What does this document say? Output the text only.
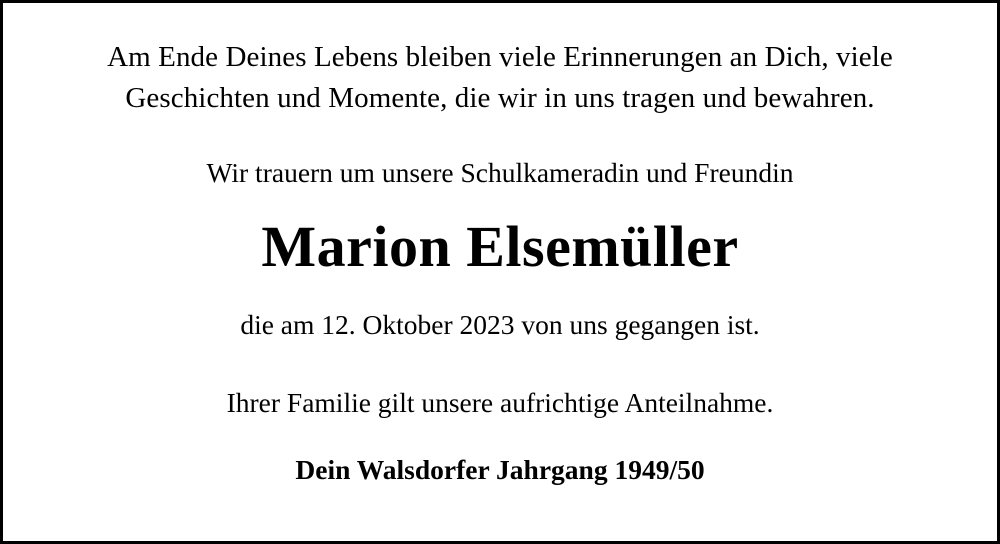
Am Ende Deines Lebens bleiben viele Erinnerungen an Dich, viele
Geschichten und Momente, die wir in uns tragen und bewahren.
Wir trauern um unsere Schulkameradin und Freundin
Marion Elsemüller
die am 12. Oktober 2023 von uns gegangen ist.
Ihrer Familie gilt unsere aufrichtige Anteilnahme.
Dein Walsdorfer Jahrgang 1949/50
